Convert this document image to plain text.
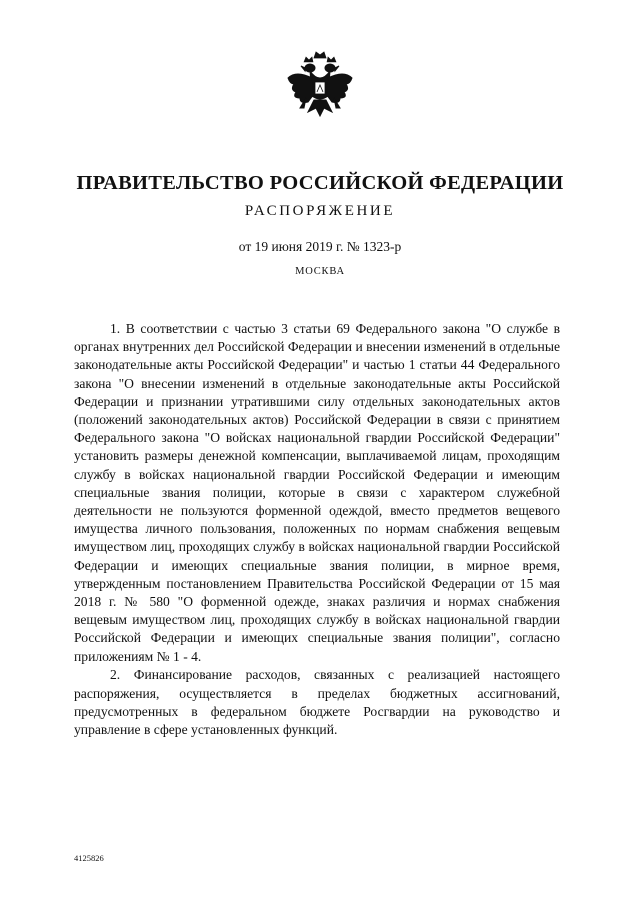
ПРАВИТЕЛЬСТВО РОССИЙСКОЙ ФЕДЕРАЦИИ
РАСПОРЯЖЕНИЕ
от 19 июня 2019 г. № 1323-р
МОСКВА

1. В соответствии с частью 3 статьи 69 Федерального закона "О службе в органах внутренних дел Российской Федерации и внесении изменений в отдельные законодательные акты Российской Федерации" и частью 1 статьи 44 Федерального закона "О внесении изменений в отдельные законодательные акты Российской Федерации и признании утратившими силу отдельных законодательных актов (положений законодательных актов) Российской Федерации в связи с принятием Федерального закона "О войсках национальной гвардии Российской Федерации" установить размеры денежной компенсации, выплачиваемой лицам, проходящим службу в войсках национальной гвардии Российской Федерации и имеющим специальные звания полиции, которые в связи с характером служебной деятельности не пользуются форменной одеждой, вместо предметов вещевого имущества личного пользования, положенных по нормам снабжения вещевым имуществом лиц, проходящих службу в войсках национальной гвардии Российской Федерации и имеющих специальные звания полиции, в мирное время, утвержденным постановлением Правительства Российской Федерации от 15 мая 2018 г. № 580 "О форменной одежде, знаках различия и нормах снабжения вещевым имуществом лиц, проходящих службу в войсках национальной гвардии Российской Федерации и имеющих специальные звания полиции", согласно приложениям № 1 - 4.

2. Финансирование расходов, связанных с реализацией настоящего распоряжения, осуществляется в пределах бюджетных ассигнований, предусмотренных в федеральном бюджете Росгвардии на руководство и управление в сфере установленных функций.

4125826
